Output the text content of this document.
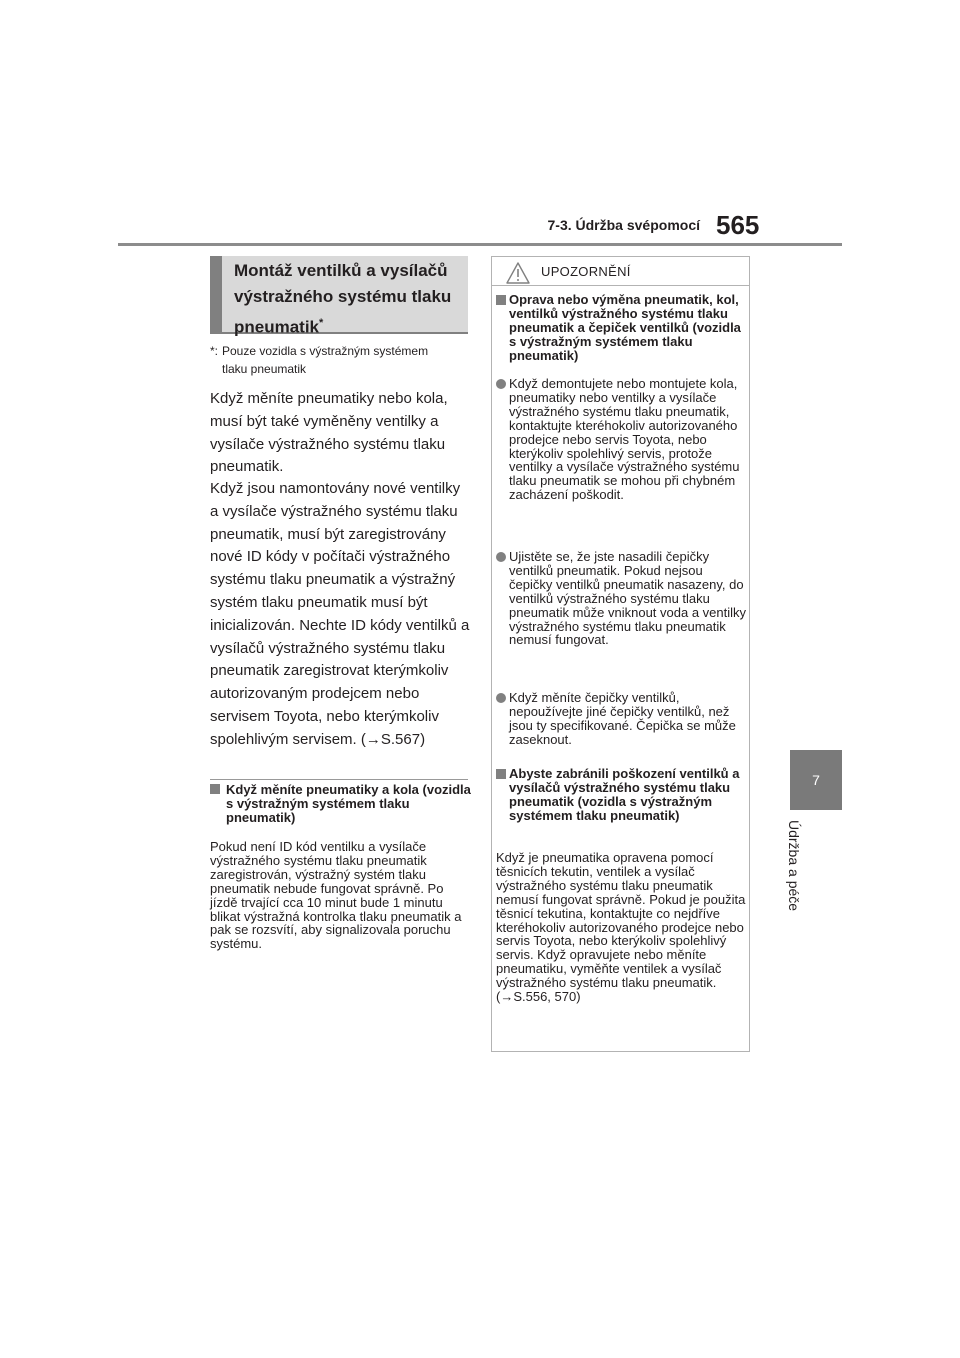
7-3. Údržba svépomocí 565
7
Údržba a péče
Montáž ventilků a vysílačů výstražného systému tlaku pneumatik*
*: Pouze vozidla s výstražným systémem
tlaku pneumatik

Když měníte pneumatiky nebo kola, musí být také vyměněny ventilky a vysílače výstražného systému tlaku pneumatik.

Když jsou namontovány nové ventilky a vysílače výstražného systému tlaku pneumatik, musí být zaregistrovány nové ID kódy v počítači výstražného systému tlaku pneumatik a výstražný systém tlaku pneumatik musí být inicializován. Nechte ID kódy ventilků a vysílačů výstražného systému tlaku pneumatik zaregistrovat kterýmkoliv autorizovaným prodejcem nebo servisem Toyota, nebo kterýmkoliv spolehlivým servisem. (→S.567)

Když měníte pneumatiky a kola (vozidla s výstražným systémem tlaku pneumatik)

Pokud není ID kód ventilku a vysílače výstražného systému tlaku pneumatik zaregistrován, výstražný systém tlaku pneumatik nebude fungovat správně. Po jízdě trvající cca 10 minut bude 1 minutu blikat výstražná kontrolka tlaku pneumatik a pak se rozsvítí, aby signalizovala poruchu systému.

UPOZORNĚNÍ
Oprava nebo výměna pneumatik, kol, ventilků výstražného systému tlaku pneumatik a čepiček ventilků (vozidla s výstražným systémem tlaku pneumatik)
Když demontujete nebo montujete kola, pneumatiky nebo ventilky a vysílače výstražného systému tlaku pneumatik, kontaktujte kteréhokoliv autorizovaného prodejce nebo servis Toyota, nebo kterýkoliv spolehlivý servis, protože ventilky a vysílače výstražného systému tlaku pneumatik se mohou při chybném zacházení poškodit.
Ujistěte se, že jste nasadili čepičky ventilků pneumatik. Pokud nejsou čepičky ventilků pneumatik nasazeny, do ventilků výstražného systému tlaku pneumatik může vniknout voda a ventilky výstražného systému tlaku pneumatik nemusí fungovat.
Když měníte čepičky ventilků, nepoužívejte jiné čepičky ventilků, než jsou ty specifikované. Čepička se může zaseknout.
Abyste zabránili poškození ventilků a vysílačů výstražného systému tlaku pneumatik (vozidla s výstražným systémem tlaku pneumatik)
Když je pneumatika opravena pomocí těsnicích tekutin, ventilek a vysílač výstražného systému tlaku pneumatik nemusí fungovat správně. Pokud je použita těsnicí tekutina, kontaktujte co nejdříve kteréhokoliv autorizovaného prodejce nebo servis Toyota, nebo kterýkoliv spolehlivý servis. Když opravujete nebo měníte pneumatiku, vyměňte ventilek a vysílač výstražného systému tlaku pneumatik. (→S.556, 570)
